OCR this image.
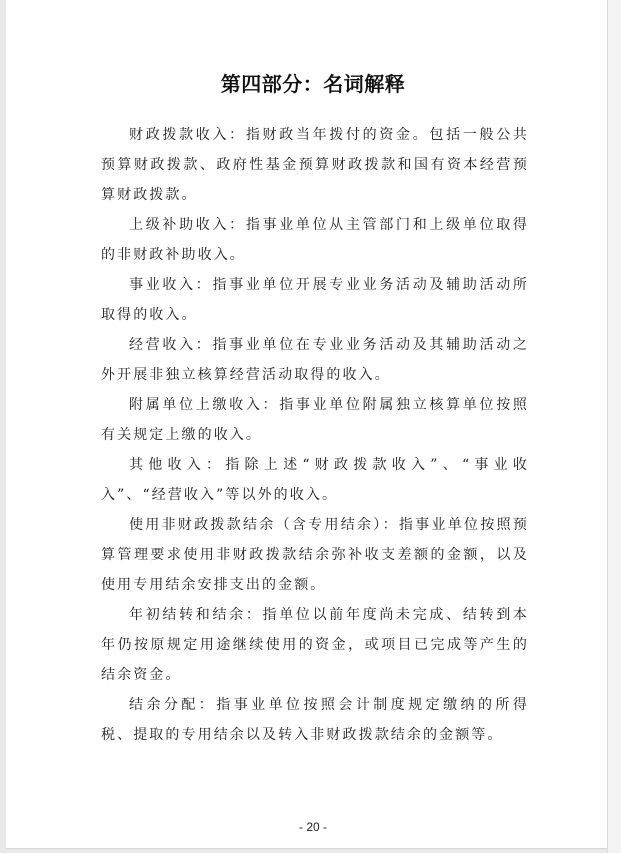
第四部分：名词解释

财政拨款收入：指财政当年拨付的资金。包括一般公共预算财政拨款、政府性基金预算财政拨款和国有资本经营预算财政拨款。

上级补助收入：指事业单位从主管部门和上级单位取得的非财政补助收入。

事业收入：指事业单位开展专业业务活动及辅助活动所取得的收入。

经营收入：指事业单位在专业业务活动及其辅助活动之外开展非独立核算经营活动取得的收入。

附属单位上缴收入：指事业单位附属独立核算单位按照有关规定上缴的收入。

其他收入：指除上述“财政拨款收入”、“事业收入”、“经营收入”等以外的收入。

使用非财政拨款结余（含专用结余）：指事业单位按照预算管理要求使用非财政拨款结余弥补收支差额的金额，以及使用专用结余安排支出的金额。

年初结转和结余：指单位以前年度尚未完成、结转到本年仍按原规定用途继续使用的资金，或项目已完成等产生的结余资金。

结余分配：指事业单位按照会计制度规定缴纳的所得税、提取的专用结余以及转入非财政拨款结余的金额等。

- 20 -
